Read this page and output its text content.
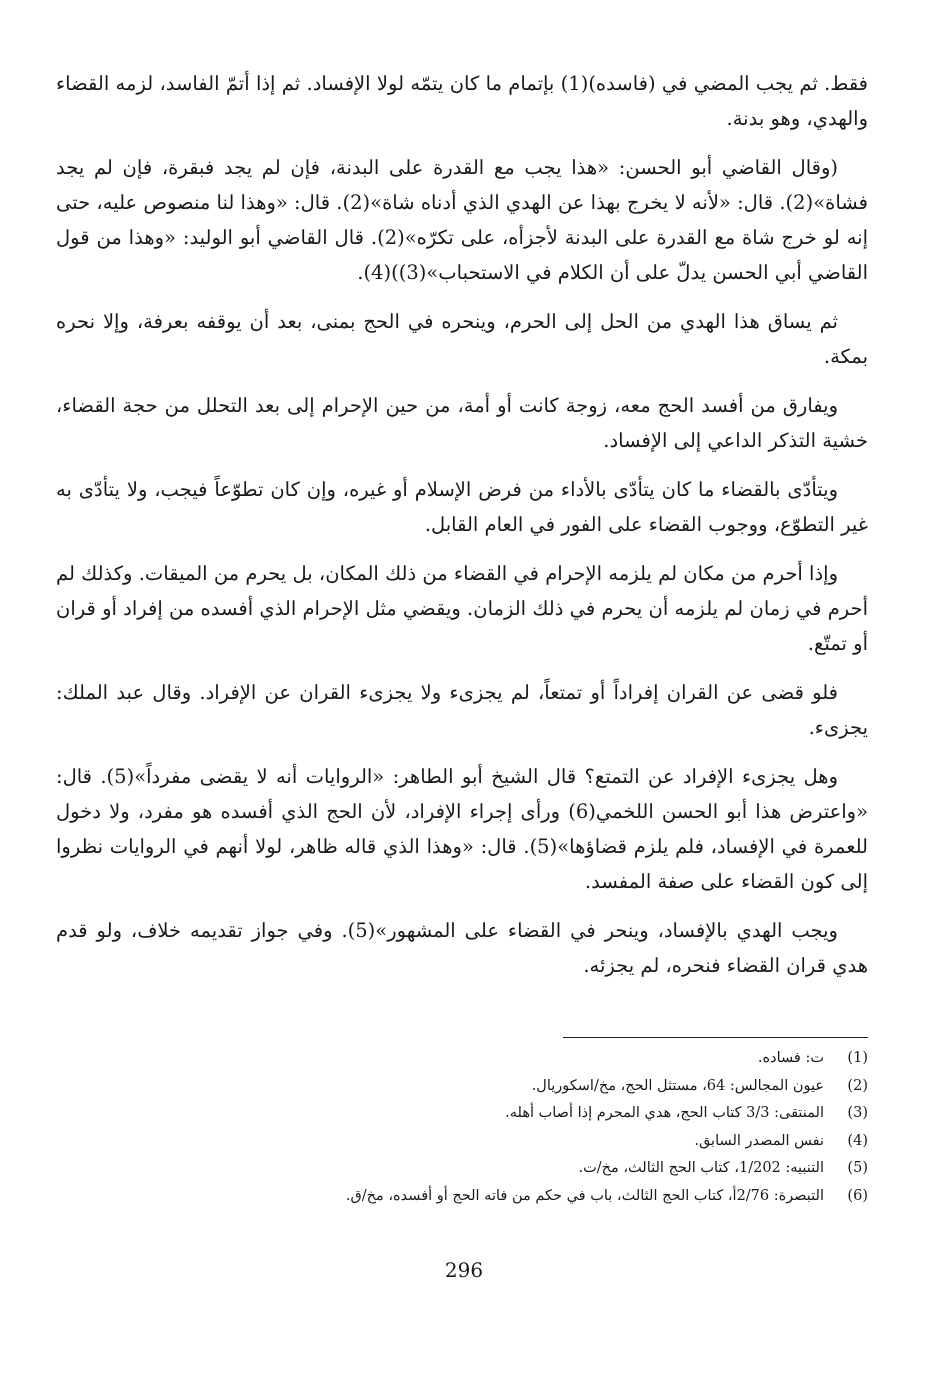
فقط. ثم يجب المضي في (فاسده)(1) بإتمام ما كان يتمّه لولا الإفساد. ثم إذا أتمّ الفاسد، لزمه القضاء والهدي، وهو بدنة.

(وقال القاضي أبو الحسن: «هذا يجب مع القدرة على البدنة، فإن لم يجد فبقرة، فإن لم يجد فشاة»(2). قال: «لأنه لا يخرج بهذا عن الهدي الذي أدناه شاة»(2). قال: «وهذا لنا منصوص عليه، حتى إنه لو خرج شاة مع القدرة على البدنة لأجزأه، على تكرّه»(2). قال القاضي أبو الوليد: «وهذا من قول القاضي أبي الحسن يدلّ على أن الكلام في الاستحباب»(3))(4).

ثم يساق هذا الهدي من الحل إلى الحرم، وينحره في الحج بمنى، بعد أن يوقفه بعرفة، وإلا نحره بمكة.

ويفارق من أفسد الحج معه، زوجة كانت أو أمة، من حين الإحرام إلى بعد التحلل من حجة القضاء، خشية التذكر الداعي إلى الإفساد.

ويتأدّى بالقضاء ما كان يتأدّى بالأداء من فرض الإسلام أو غيره، وإن كان تطوّعاً فيجب، ولا يتأدّى به غير التطوّع، ووجوب القضاء على الفور في العام القابل.

وإذا أحرم من مكان لم يلزمه الإحرام في القضاء من ذلك المكان، بل يحرم من الميقات. وكذلك لم أحرم في زمان لم يلزمه أن يحرم في ذلك الزمان. ويقضي مثل الإحرام الذي أفسده من إفراد أو قران أو تمتّع.

فلو قضى عن القران إفراداً أو تمتعاً، لم يجزىء ولا يجزىء القران عن الإفراد. وقال عبد الملك: يجزىء.

وهل يجزىء الإفراد عن التمتع؟ قال الشيخ أبو الطاهر: «الروايات أنه لا يقضى مفرداً»(5). قال: «واعترض هذا أبو الحسن اللخمي(6) ورأى إجراء الإفراد، لأن الحج الذي أفسده هو مفرد، ولا دخول للعمرة في الإفساد، فلم يلزم قضاؤها»(5). قال: «وهذا الذي قاله ظاهر، لولا أنهم في الروايات نظروا إلى كون القضاء على صفة المفسد.

ويجب الهدي بالإفساد، وينحر في القضاء على المشهور»(5). وفي جواز تقديمه خلاف، ولو قدم هدي قران القضاء فنحره، لم يجزئه.

(1)
ت: فساده.
(2)
عيون المجالس: 64، مستثل الحج، مخ/اسكوريال.
(3)
المنتقى: 3/3 كتاب الحج، هدي المحرم إذا أصاب أهله.
(4)
نفس المصدر السابق.
(5)
التنبيه: 1/202، كتاب الحج الثالث، مخ/ت.
(6)
التبصرة: 2/76أ، كتاب الحج الثالث، باب في حكم من فاته الحج أو أفسده، مخ/ق.
296
